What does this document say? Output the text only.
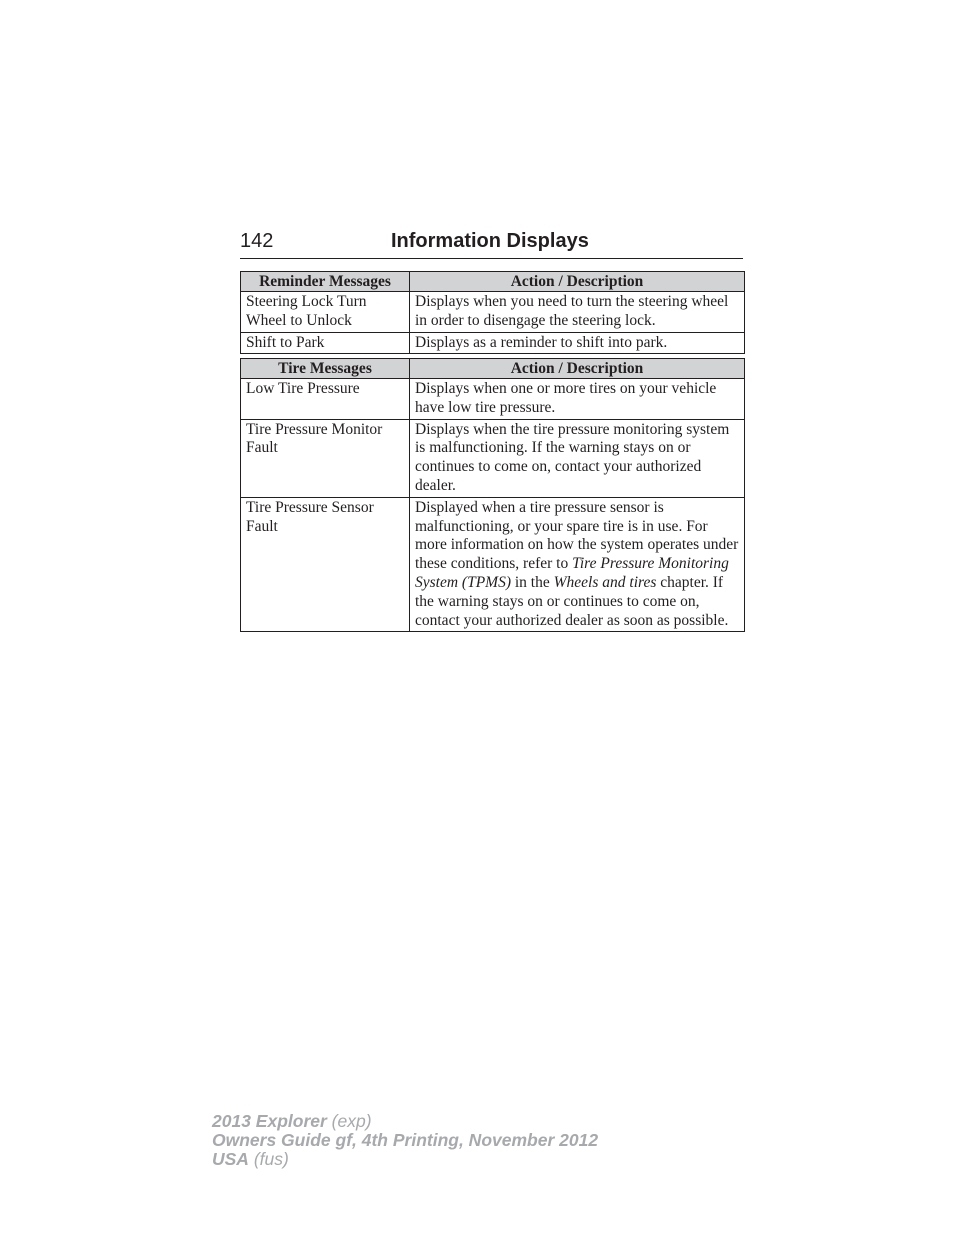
142	Information Displays
Reminder Messages	Action / Description
Steering Lock Turn Wheel to Unlock	Displays when you need to turn the steering wheel in order to disengage the steering lock.
Shift to Park	Displays as a reminder to shift into park.
Tire Messages	Action / Description
Low Tire Pressure	Displays when one or more tires on your vehicle have low tire pressure.
Tire Pressure Monitor Fault	Displays when the tire pressure monitoring system is malfunctioning. If the warning stays on or continues to come on, contact your authorized dealer.
Tire Pressure Sensor Fault	Displayed when a tire pressure sensor is malfunctioning, or your spare tire is in use. For more information on how the system operates under these conditions, refer to Tire Pressure Monitoring System (TPMS) in the Wheels and tires chapter. If the warning stays on or continues to come on, contact your authorized dealer as soon as possible.
2013 Explorer (exp)
Owners Guide gf, 4th Printing, November 2012
USA (fus)
